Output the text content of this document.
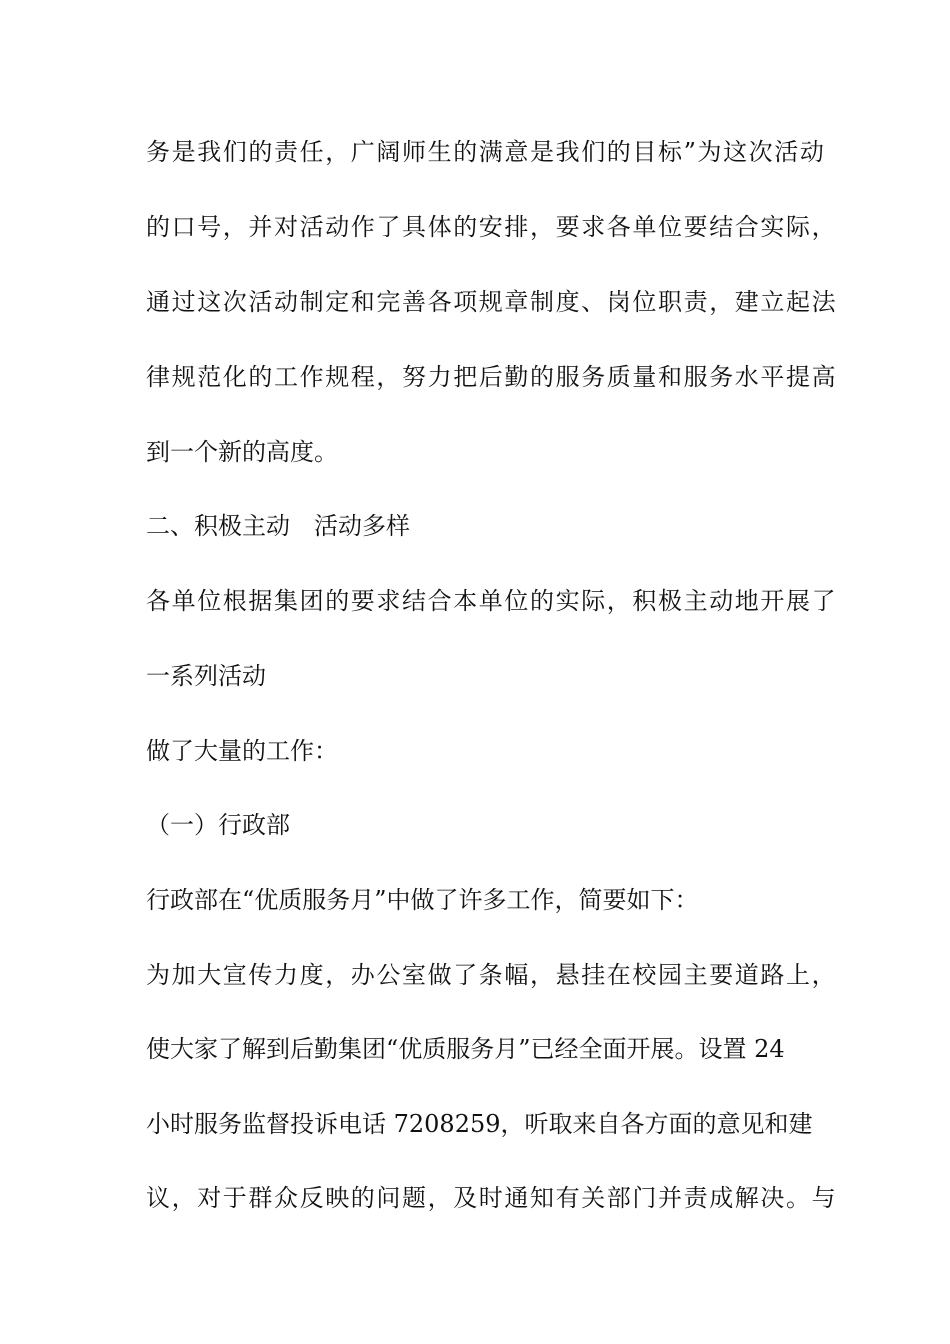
务是我们的责任，广阔师生的满意是我们的目标”为这次活动
的口号，并对活动作了具体的安排，要求各单位要结合实际，
通过这次活动制定和完善各项规章制度、岗位职责，建立起法
律规范化的工作规程，努力把后勤的服务质量和服务水平提高
到一个新的高度。
二、积极主动　活动多样
各单位根据集团的要求结合本单位的实际，积极主动地开展了
一系列活动
做了大量的工作：
（一）行政部
行政部在“优质服务月”中做了许多工作，简要如下：
为加大宣传力度，办公室做了条幅，悬挂在校园主要道路上，
使大家了解到后勤集团“优质服务月”已经全面开展。设置 24
小时服务监督投诉电话 7208259，听取来自各方面的意见和建
议，对于群众反映的问题，及时通知有关部门并责成解决。与
